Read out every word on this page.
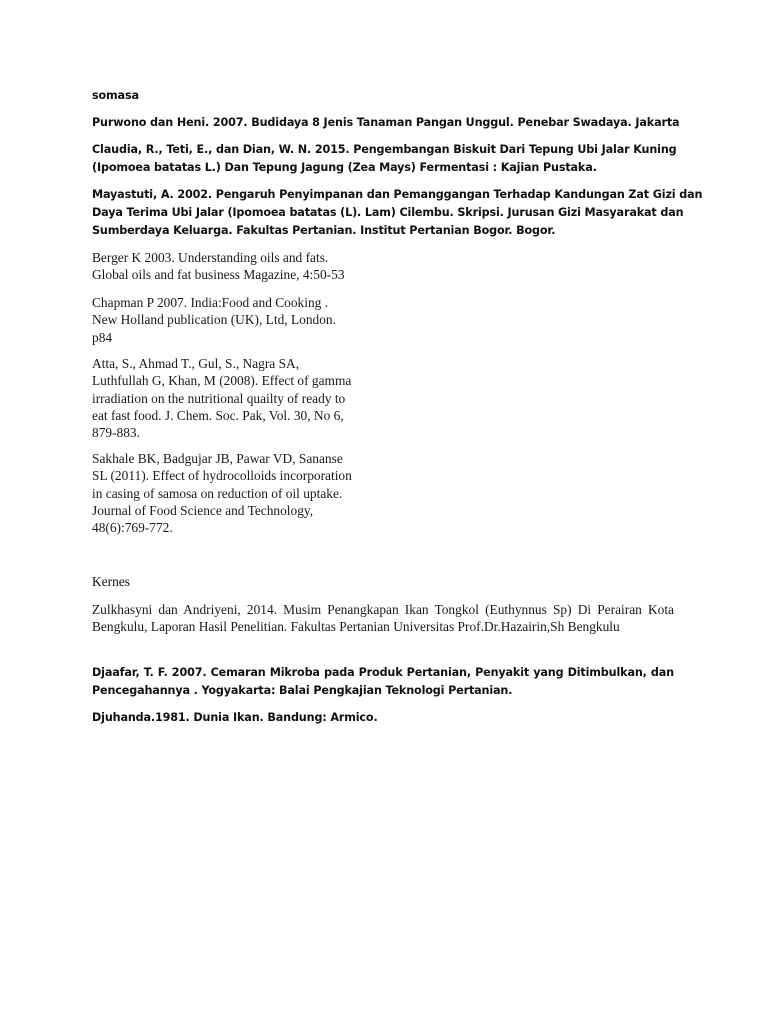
somasa

Purwono dan Heni. 2007. Budidaya 8 Jenis Tanaman Pangan Unggul. Penebar Swadaya. Jakarta

Claudia, R., Teti, E., dan Dian, W. N. 2015. Pengembangan Biskuit Dari Tepung Ubi Jalar Kuning
(Ipomoea batatas L.) Dan Tepung Jagung (Zea Mays) Fermentasi : Kajian Pustaka.

Mayastuti, A. 2002. Pengaruh Penyimpanan dan Pemanggangan Terhadap Kandungan Zat Gizi dan
Daya Terima Ubi Jalar (Ipomoea batatas (L). Lam) Cilembu. Skripsi. Jurusan Gizi Masyarakat dan
Sumberdaya Keluarga. Fakultas Pertanian. Institut Pertanian Bogor. Bogor.

Berger K 2003. Understanding oils and fats.
Global oils and fat business Magazine, 4:50-53

Chapman P 2007. India:Food and Cooking .
New Holland publication (UK), Ltd, London.
p84

Atta, S., Ahmad T., Gul, S., Nagra SA,
Luthfullah G, Khan, M (2008). Effect of gamma
irradiation on the nutritional quailty of ready to
eat fast food. J. Chem. Soc. Pak, Vol. 30, No 6,
879-883.

Sakhale BK, Badgujar JB, Pawar VD, Sananse
SL (2011). Effect of hydrocolloids incorporation
in casing of samosa on reduction of oil uptake.
Journal of Food Science and Technology,
48(6):769-772.

Kernes

Zulkhasyni dan Andriyeni, 2014. Musim Penangkapan Ikan Tongkol (Euthynnus Sp) Di Perairan Kota Bengkulu, Laporan Hasil Penelitian. Fakultas Pertanian Universitas Prof.Dr.Hazairin,Sh Bengkulu

Djaafar, T. F. 2007. Cemaran Mikroba pada Produk Pertanian, Penyakit yang Ditimbulkan, dan Pencegahannya . Yogyakarta: Balai Pengkajian Teknologi Pertanian.

Djuhanda.1981. Dunia Ikan. Bandung: Armico.
